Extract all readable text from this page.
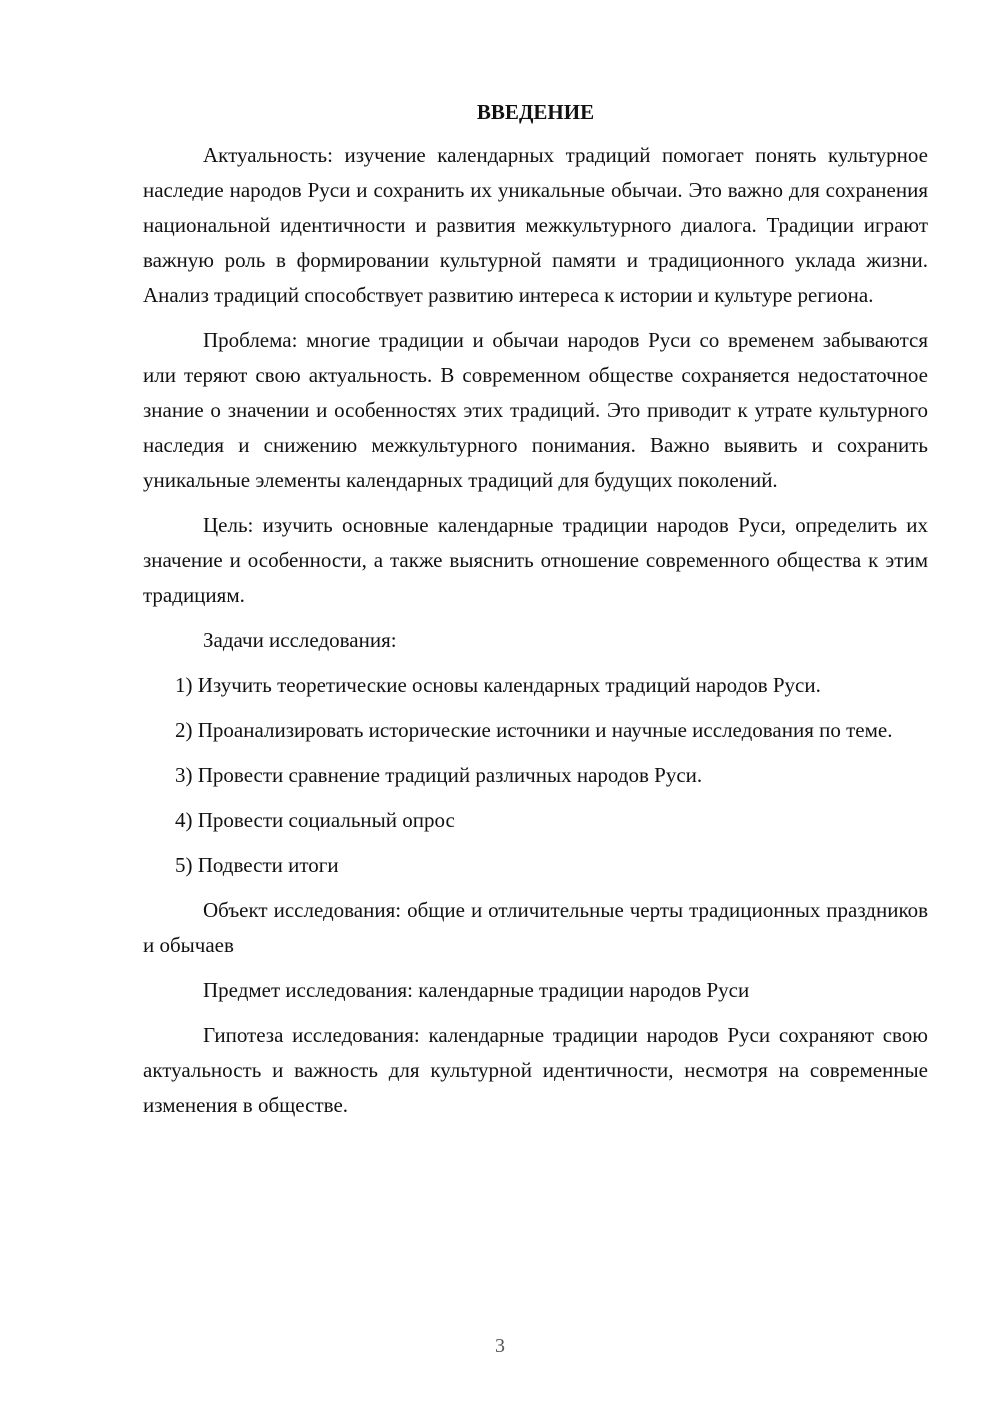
ВВЕДЕНИЕ

Актуальность: изучение календарных традиций помогает понять культурное наследие народов Руси и сохранить их уникальные обычаи. Это важно для сохранения национальной идентичности и развития межкультурного диалога. Традиции играют важную роль в формировании культурной памяти и традиционного уклада жизни. Анализ традиций способствует развитию интереса к истории и культуре региона.

Проблема: многие традиции и обычаи народов Руси со временем забываются или теряют свою актуальность. В современном обществе сохраняется недостаточное знание о значении и особенностях этих традиций. Это приводит к утрате культурного наследия и снижению межкультурного понимания. Важно выявить и сохранить уникальные элементы календарных традиций для будущих поколений.

Цель: изучить основные календарные традиции народов Руси, определить их значение и особенности, а также выяснить отношение современного общества к этим традициям.

Задачи исследования:

1) Изучить теоретические основы календарных традиций народов Руси.

2) Проанализировать исторические источники и научные исследования по теме.

3) Провести сравнение традиций различных народов Руси.

4) Провести социальный опрос

5) Подвести итоги

Объект исследования: общие и отличительные черты традиционных праздников и обычаев

Предмет исследования: календарные традиции народов Руси

Гипотеза исследования: календарные традиции народов Руси сохраняют свою актуальность и важность для культурной идентичности, несмотря на современные изменения в обществе.

3
